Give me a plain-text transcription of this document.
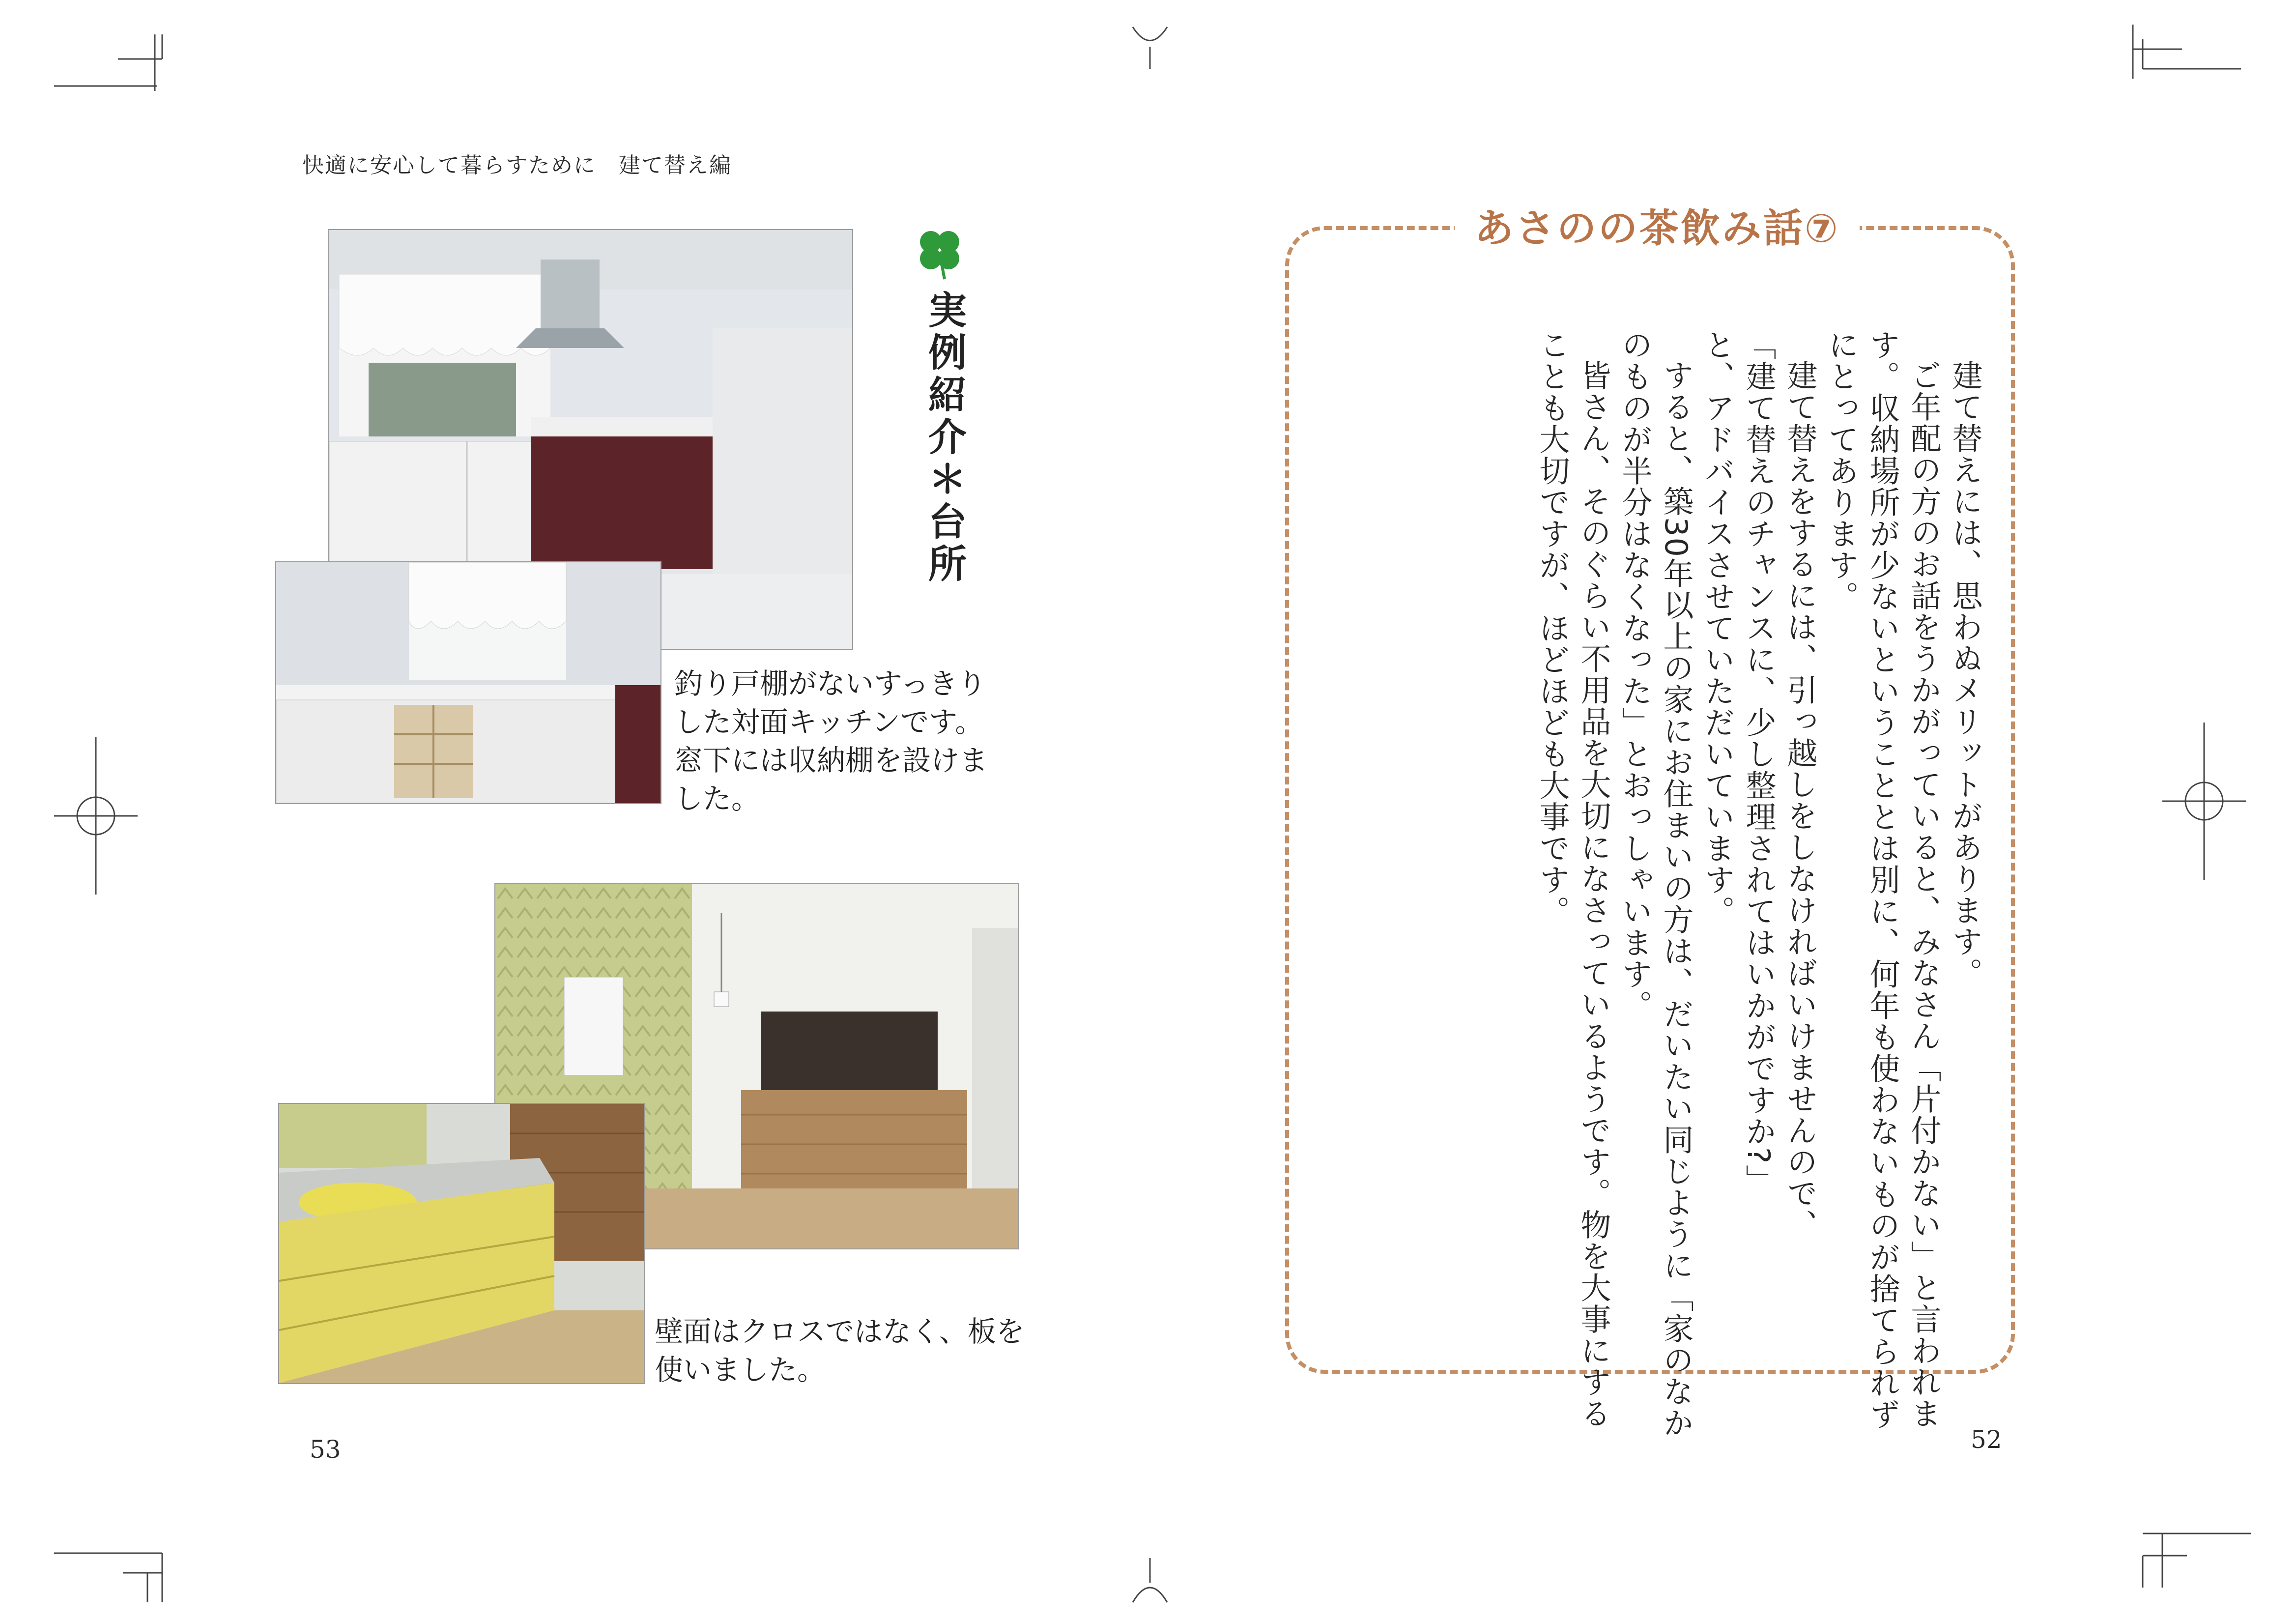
快適に安心して暮らすために　建て替え編
実例紹介＊台所
釣り戸棚がないすっきり
した対面キッチンです。
窓下には収納棚を設けま
した。
壁面はクロスではなく、板を
使いました。
53
あさのの茶飲み話⑦
建て替えには、思わぬメリットがあります。
ご年配の方のお話をうかがっていると、みなさん「片付かない」と言われま
す。収納場所が少ないということとは別に、何年も使わないものが捨てられず
にとってあります。
建て替えをするには、引っ越しをしなければいけませんので、
「建て替えのチャンスに、少し整理されてはいかがですか?」
と、アドバイスさせていただいています。
すると、築30年以上の家にお住まいの方は、だいたい同じように「家のなか
のものが半分はなくなった」とおっしゃいます。
皆さん、そのぐらい不用品を大切になさっているようです。物を大事にする
ことも大切ですが、ほどほども大事です。
52
